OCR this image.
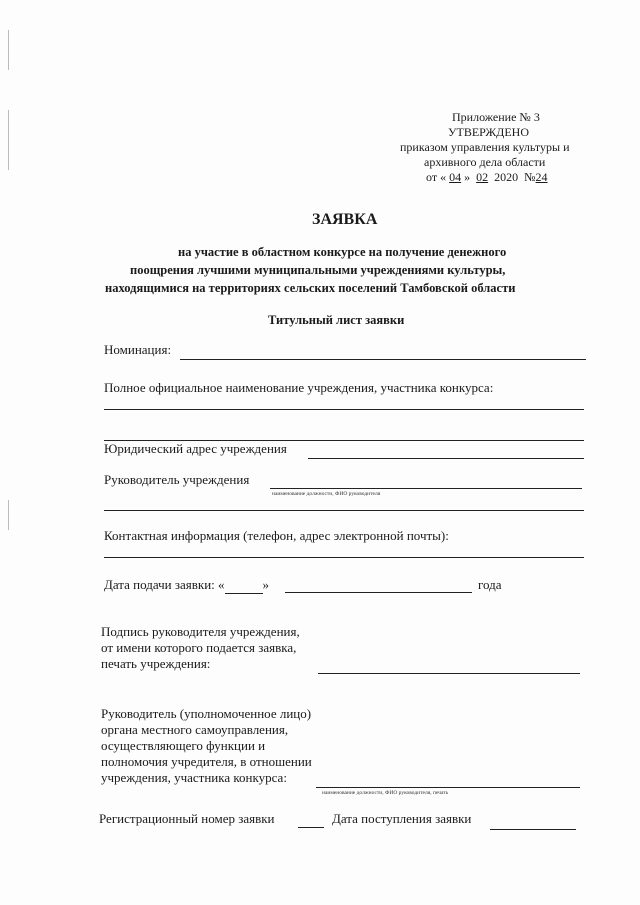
Приложение № 3
УТВЕРЖДЕНО
приказом управления культуры и
архивного дела области
от « 04 » 02 2020 №24
ЗАЯВКА
на участие в областном конкурсе на получение денежного
поощрения лучшими муниципальными учреждениями культуры,
находящимися на территориях сельских поселений Тамбовской области
Титульный лист заявки
Номинация:
Полное официальное наименование учреждения, участника конкурса:
Юридический адрес учреждения
Руководитель учреждения
наименование должности, ФИО руководителя
Контактная информация (телефон, адрес электронной почты):
Дата подачи заявки: «	»	года
Подпись руководителя учреждения,
от имени которого подается заявка,
печать учреждения:
Руководитель (уполномоченное лицо)
органа местного самоуправления,
осуществляющего функции и
полномочия учредителя, в отношении
учреждения, участника конкурса:
наименование должности, ФИО руководителя, печать
Регистрационный номер заявки	Дата поступления заявки
